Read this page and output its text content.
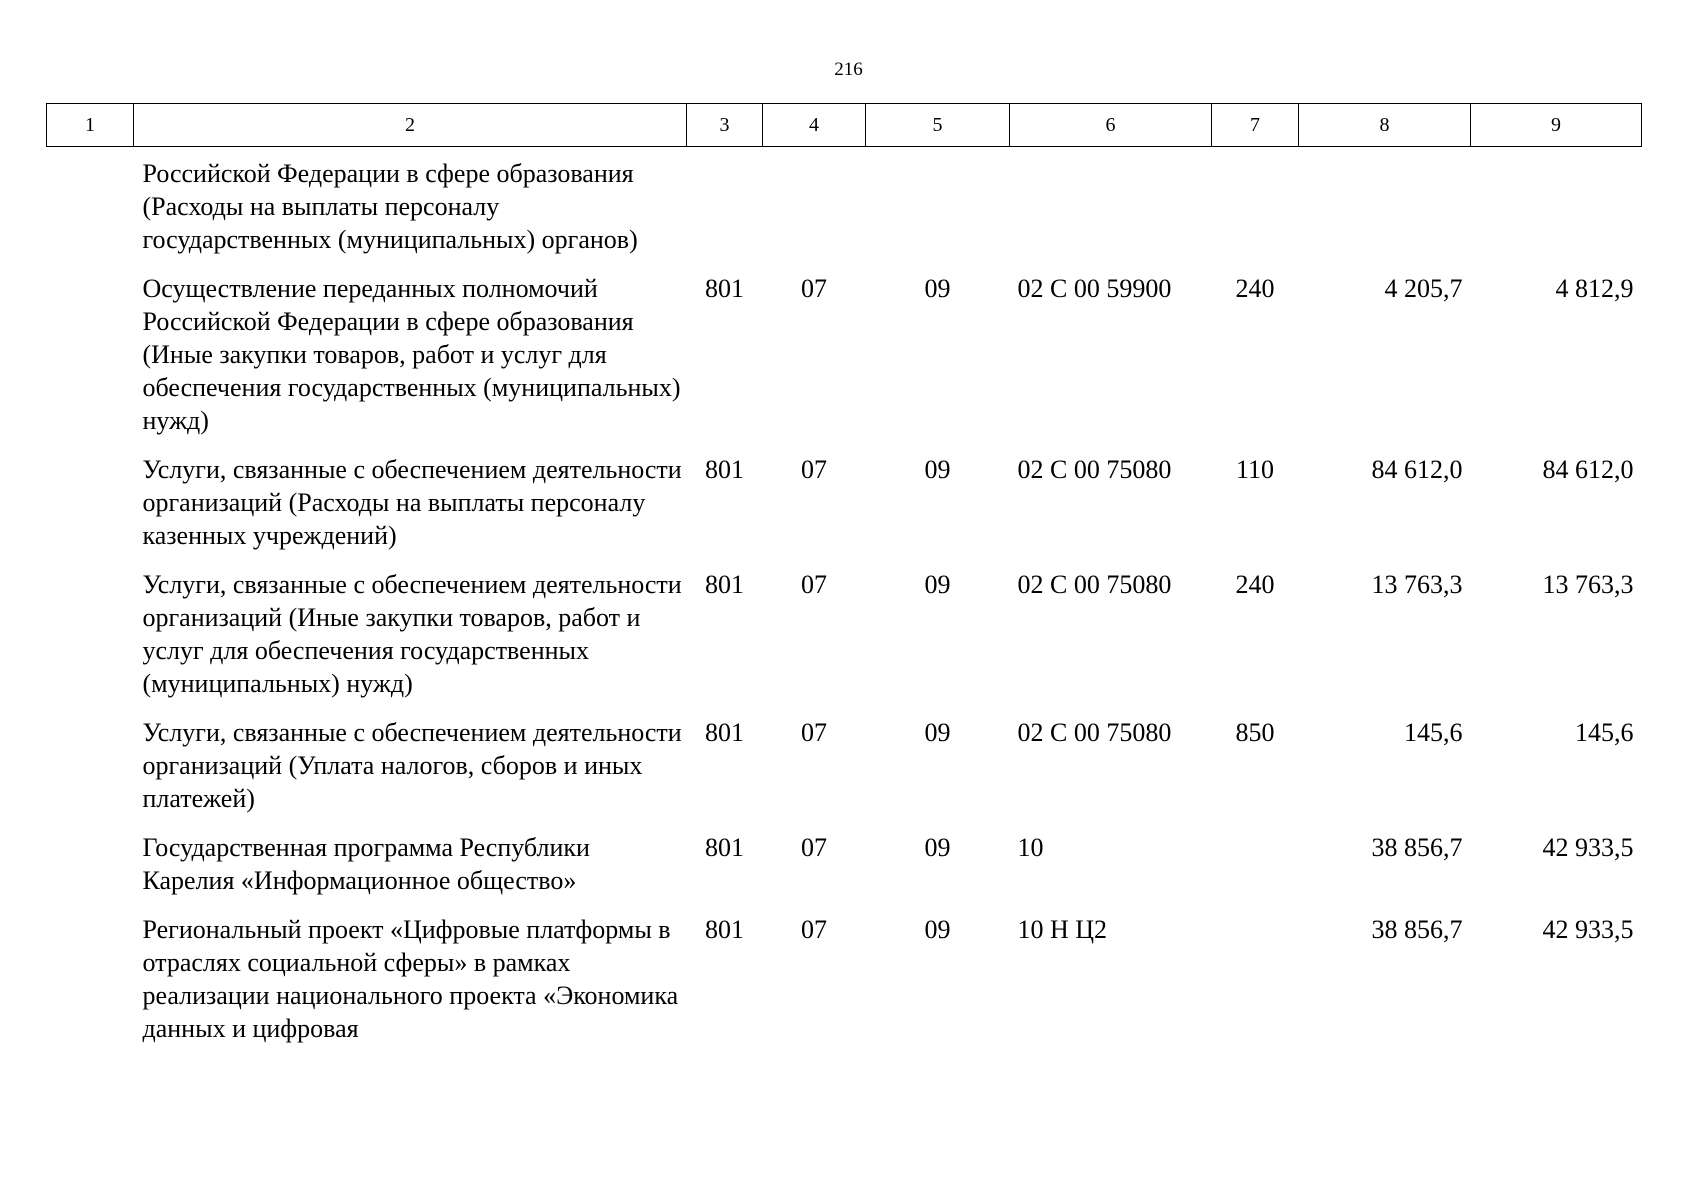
216
1	2	3	4	5	6	7	8	9
	Российской Федерации в сфере образования (Расходы на выплаты персоналу государственных (муниципальных) органов)							
	Осуществление переданных полномочий Российской Федерации в сфере образования (Иные закупки товаров, работ и услуг для обеспечения государственных (муниципальных) нужд)	801	07	09	02 С 00 59900	240	4 205,7	4 812,9
	Услуги, связанные с обеспечением деятельности организаций (Расходы на выплаты персоналу казенных учреждений)	801	07	09	02 С 00 75080	110	84 612,0	84 612,0
	Услуги, связанные с обеспечением деятельности организаций (Иные закупки товаров, работ и услуг для обеспечения государственных (муниципальных) нужд)	801	07	09	02 С 00 75080	240	13 763,3	13 763,3
	Услуги, связанные с обеспечением деятельности организаций (Уплата налогов, сборов и иных платежей)	801	07	09	02 С 00 75080	850	145,6	145,6
	Государственная программа Республики Карелия «Информационное общество»	801	07	09	10		38 856,7	42 933,5
	Региональный проект «Цифровые платформы в отраслях социальной сферы» в рамках реализации национального проекта «Экономика данных и цифровая	801	07	09	10 Н Ц2		38 856,7	42 933,5
